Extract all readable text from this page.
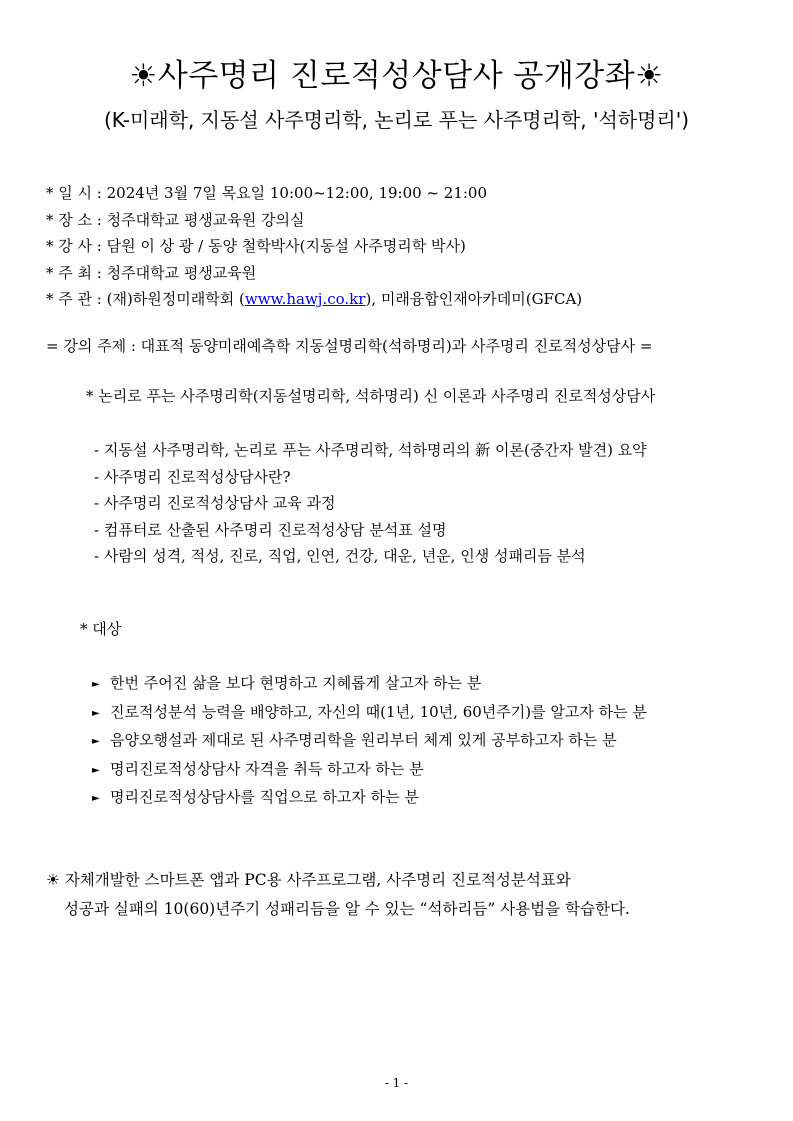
☀사주명리 진로적성상담사 공개강좌☀
(K-미래학, 지동설 사주명리학, 논리로 푸는 사주명리학, '석하명리')
* 일 시 : 2024년 3월 7일 목요일 10:00~12:00, 19:00 ~ 21:00
* 장 소 : 청주대학교 평생교육원 강의실
* 강 사 : 담원 이 상 광 / 동양 철학박사(지동설 사주명리학 박사)
* 주 최 : 청주대학교 평생교육원
* 주 관 : (재)하원정미래학회 (www.hawj.co.kr), 미래융합인재아카데미(GFCA)
= 강의 주제 : 대표적 동양미래예측학 지동설명리학(석하명리)과 사주명리 진로적성상담사 =
* 논리로 푸는 사주명리학(지동설명리학, 석하명리) 신 이론과 사주명리 진로적성상담사
- 지동설 사주명리학, 논리로 푸는 사주명리학, 석하명리의 新 이론(중간자 발견) 요약
- 사주명리 진로적성상담사란?
- 사주명리 진로적성상담사 교육 과정
- 컴퓨터로 산출된 사주명리 진로적성상담 분석표 설명
- 사람의 성격, 적성, 진로, 직업, 인연, 건강, 대운, 년운, 인생 성패리듬 분석
* 대상
► 한번 주어진 삶을 보다 현명하고 지혜롭게 살고자 하는 분
► 진로적성분석 능력을 배양하고, 자신의 때(1년, 10년, 60년주기)를 알고자 하는 분
► 음양오행설과 제대로 된 사주명리학을 원리부터 체계 있게 공부하고자 하는 분
► 명리진로적성상담사 자격을 취득 하고자 하는 분
► 명리진로적성상담사를 직업으로 하고자 하는 분
☀ 자체개발한 스마트폰 앱과 PC용 사주프로그램, 사주명리 진로적성분석표와
성공과 실패의 10(60)년주기 성패리듬을 알 수 있는 “석하리듬” 사용법을 학습한다.
- 1 -
